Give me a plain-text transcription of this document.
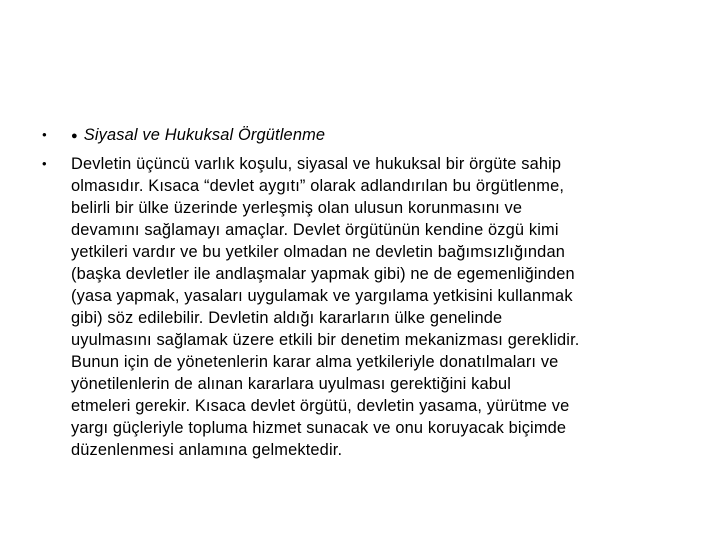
• ● Siyasal ve Hukuksal Örgütlenme
• Devletin üçüncü varlık koşulu, siyasal ve hukuksal bir örgüte sahip
olmasıdır. Kısaca “devlet aygıtı” olarak adlandırılan bu örgütlenme,
belirli bir ülke üzerinde yerleşmiş olan ulusun korunmasını ve
devamını sağlamayı amaçlar. Devlet örgütünün kendine özgü kimi
yetkileri vardır ve bu yetkiler olmadan ne devletin bağımsızlığından
(başka devletler ile andlaşmalar yapmak gibi) ne de egemenliğinden
(yasa yapmak, yasaları uygulamak ve yargılama yetkisini kullanmak
gibi) söz edilebilir. Devletin aldığı kararların ülke genelinde
uyulmasını sağlamak üzere etkili bir denetim mekanizması gereklidir.
Bunun için de yönetenlerin karar alma yetkileriyle donatılmaları ve
yönetilenlerin de alınan kararlara uyulması gerektiğini kabul
etmeleri gerekir. Kısaca devlet örgütü, devletin yasama, yürütme ve
yargı güçleriyle topluma hizmet sunacak ve onu koruyacak biçimde
düzenlenmesi anlamına gelmektedir.
